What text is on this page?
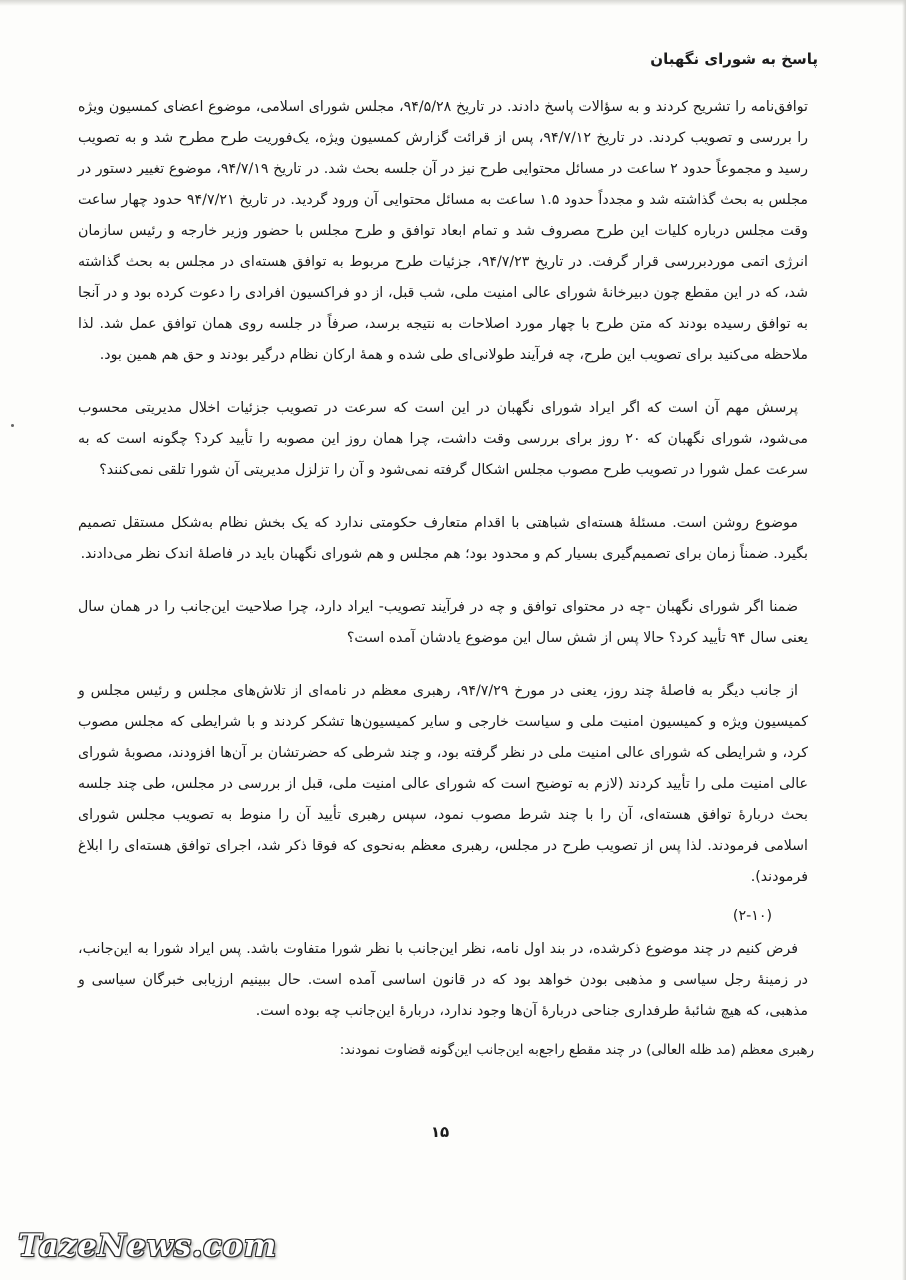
پاسخ به شورای نگهبان

توافق‌نامه را تشریح کردند و به سؤالات پاسخ دادند. در تاریخ ۹۴/۵/۲۸، مجلس شورای اسلامی، موضوع اعضای کمسیون ویژه را بررسی و تصویب کردند. در تاریخ ۹۴/۷/۱۲، پس از قرائت گزارش کمسیون ویژه، یک‌فوریت طرح مطرح شد و به تصویب رسید و مجموعاً حدود ۲ ساعت در مسائل محتوایی طرح نیز در آن جلسه بحث شد. در تاریخ ۹۴/۷/۱۹، موضوع تغییر دستور در مجلس به بحث گذاشته شد و مجدداً حدود ۱.۵ ساعت به مسائل محتوایی آن ورود گردید. در تاریخ ۹۴/۷/۲۱ حدود چهار ساعت وقت مجلس درباره کلیات این طرح مصروف شد و تمام ابعاد توافق و طرح مجلس با حضور وزیر خارجه و رئیس سازمان انرژی اتمی موردبررسی قرار گرفت. در تاریخ ۹۴/۷/۲۳، جزئیات طرح مربوط به توافق هسته‌ای در مجلس به بحث گذاشته شد، که در این مقطع چون دبیرخانهٔ شورای عالی امنیت ملی، شب قبل، از دو فراکسیون افرادی را دعوت کرده بود و در آنجا به توافق رسیده بودند که متن طرح با چهار مورد اصلاحات به نتیجه برسد، صرفاً در جلسه روی همان توافق عمل شد. لذا ملاحظه می‌کنید برای تصویب این طرح، چه فرآیند طولانی‌ای طی شده و همهٔ ارکان نظام درگیر بودند و حق هم همین بود.

پرسش مهم آن است که اگر ایراد شورای نگهبان در این است که سرعت در تصویب جزئیات اخلال مدیریتی محسوب می‌شود، شورای نگهبان که ۲۰ روز برای بررسی وقت داشت، چرا همان روز این مصوبه را تأیید کرد؟ چگونه است که به سرعت عمل شورا در تصویب طرح مصوب مجلس اشکال گرفته نمی‌شود و آن را تزلزل مدیریتی آن شورا تلقی نمی‌کنند؟

موضوع روشن است. مسئلهٔ هسته‌ای شباهتی با اقدام متعارف حکومتی ندارد که یک بخش نظام به‌شکل مستقل تصمیم بگیرد. ضمناً زمان برای تصمیم‌گیری بسیار کم و محدود بود؛ هم مجلس و هم شورای نگهبان باید در فاصلهٔ اندک نظر می‌دادند.

ضمنا اگر شورای نگهبان -چه در محتوای توافق و چه در فرآیند تصویب- ایراد دارد، چرا صلاحیت این‌جانب را در همان سال یعنی سال ۹۴ تأیید کرد؟ حالا پس از شش سال این موضوع یادشان آمده است؟

از جانب دیگر به فاصلهٔ چند روز، یعنی در مورخ ۹۴/۷/۲۹، رهبری معظم در نامه‌ای از تلاش‌های مجلس و رئیس مجلس و کمیسیون ویژه و کمیسیون امنیت ملی و سیاست خارجی و سایر کمیسیون‌ها تشکر کردند و با شرایطی که مجلس مصوب کرد، و شرایطی که شورای عالی امنیت ملی در نظر گرفته بود، و چند شرطی که حضرتشان بر آن‌ها افزودند، مصوبهٔ شورای عالی امنیت ملی را تأیید کردند (لازم به توضیح است که شورای عالی امنیت ملی، قبل از بررسی در مجلس، طی چند جلسه بحث دربارهٔ توافق هسته‌ای، آن را با چند شرط مصوب نمود، سپس رهبری تأیید آن را منوط به تصویب مجلس شورای اسلامی فرمودند. لذا پس از تصویب طرح در مجلس، رهبری معظم به‌نحوی که فوقا ذکر شد، اجرای توافق هسته‌ای را ابلاغ فرمودند).

(۲-۱۰)

فرض کنیم در چند موضوع ذکرشده، در بند اول نامه، نظر این‌جانب با نظر شورا متفاوت باشد. پس ایراد شورا به این‌جانب، در زمینهٔ رجل سیاسی و مذهبی بودن خواهد بود که در قانون اساسی آمده است. حال ببینیم ارزیابی خبرگان سیاسی و مذهبی، که هیچ شائبهٔ طرفداری جناحی دربارهٔ آن‌ها وجود ندارد، دربارهٔ این‌جانب چه بوده است.

رهبری معظم (مد ظله العالی) در چند مقطع راجع‌به این‌جانب این‌گونه قضاوت نمودند:
۱۵
TazeNews.com
